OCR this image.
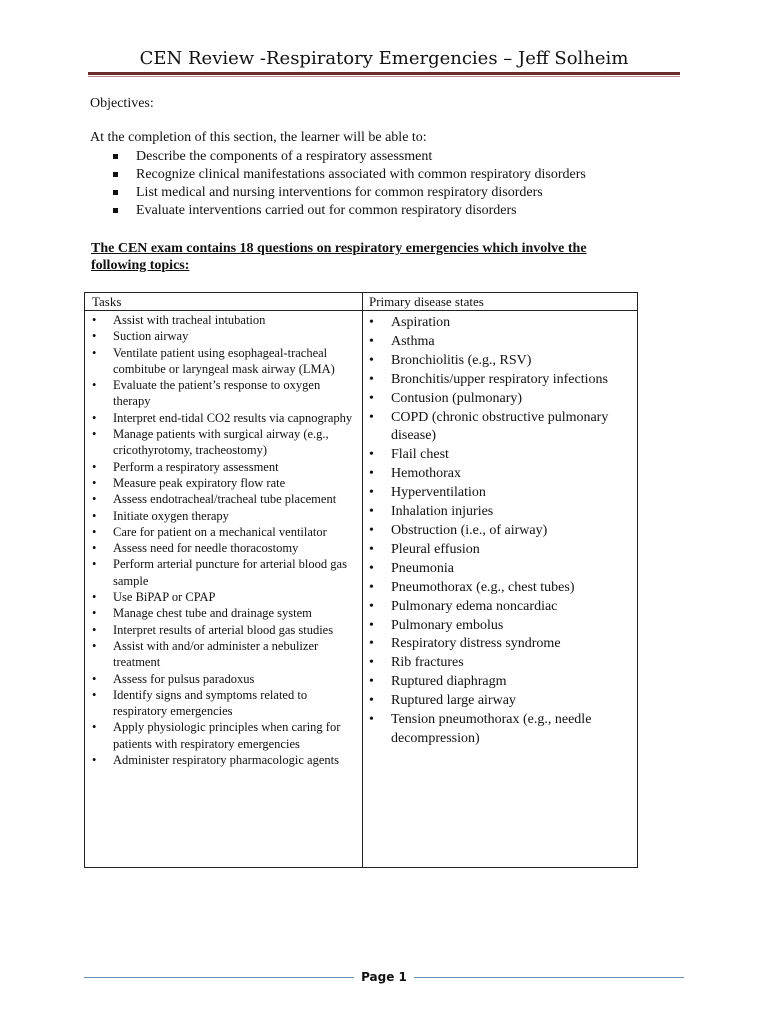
CEN Review -Respiratory Emergencies – Jeff Solheim
Objectives:
At the completion of this section, the learner will be able to:
Describe the components of a respiratory assessment
Recognize clinical manifestations associated with common respiratory disorders
List medical and nursing interventions for common respiratory disorders
Evaluate interventions carried out for common respiratory disorders
The CEN exam contains 18 questions on respiratory emergencies which involve the following topics:
Tasks	Primary disease states
• Assist with tracheal intubation
• Suction airway
• Ventilate patient using esophageal-tracheal combitube or laryngeal mask airway (LMA)
• Evaluate the patient’s response to oxygen therapy
• Interpret end-tidal CO2 results via capnography
• Manage patients with surgical airway (e.g., cricothyrotomy, tracheostomy)
• Perform a respiratory assessment
• Measure peak expiratory flow rate
• Assess endotracheal/tracheal tube placement
• Initiate oxygen therapy
• Care for patient on a mechanical ventilator
• Assess need for needle thoracostomy
• Perform arterial puncture for arterial blood gas sample
• Use BiPAP or CPAP
• Manage chest tube and drainage system
• Interpret results of arterial blood gas studies
• Assist with and/or administer a nebulizer treatment
• Assess for pulsus paradoxus
• Identify signs and symptoms related to respiratory emergencies
• Apply physiologic principles when caring for patients with respiratory emergencies
• Administer respiratory pharmacologic agents
• Aspiration
• Asthma
• Bronchiolitis (e.g., RSV)
• Bronchitis/upper respiratory infections
• Contusion (pulmonary)
• COPD (chronic obstructive pulmonary disease)
• Flail chest
• Hemothorax
• Hyperventilation
• Inhalation injuries
• Obstruction (i.e., of airway)
• Pleural effusion
• Pneumonia
• Pneumothorax (e.g., chest tubes)
• Pulmonary edema noncardiac
• Pulmonary embolus
• Respiratory distress syndrome
• Rib fractures
• Ruptured diaphragm
• Ruptured large airway
• Tension pneumothorax (e.g., needle decompression)
Page 1
